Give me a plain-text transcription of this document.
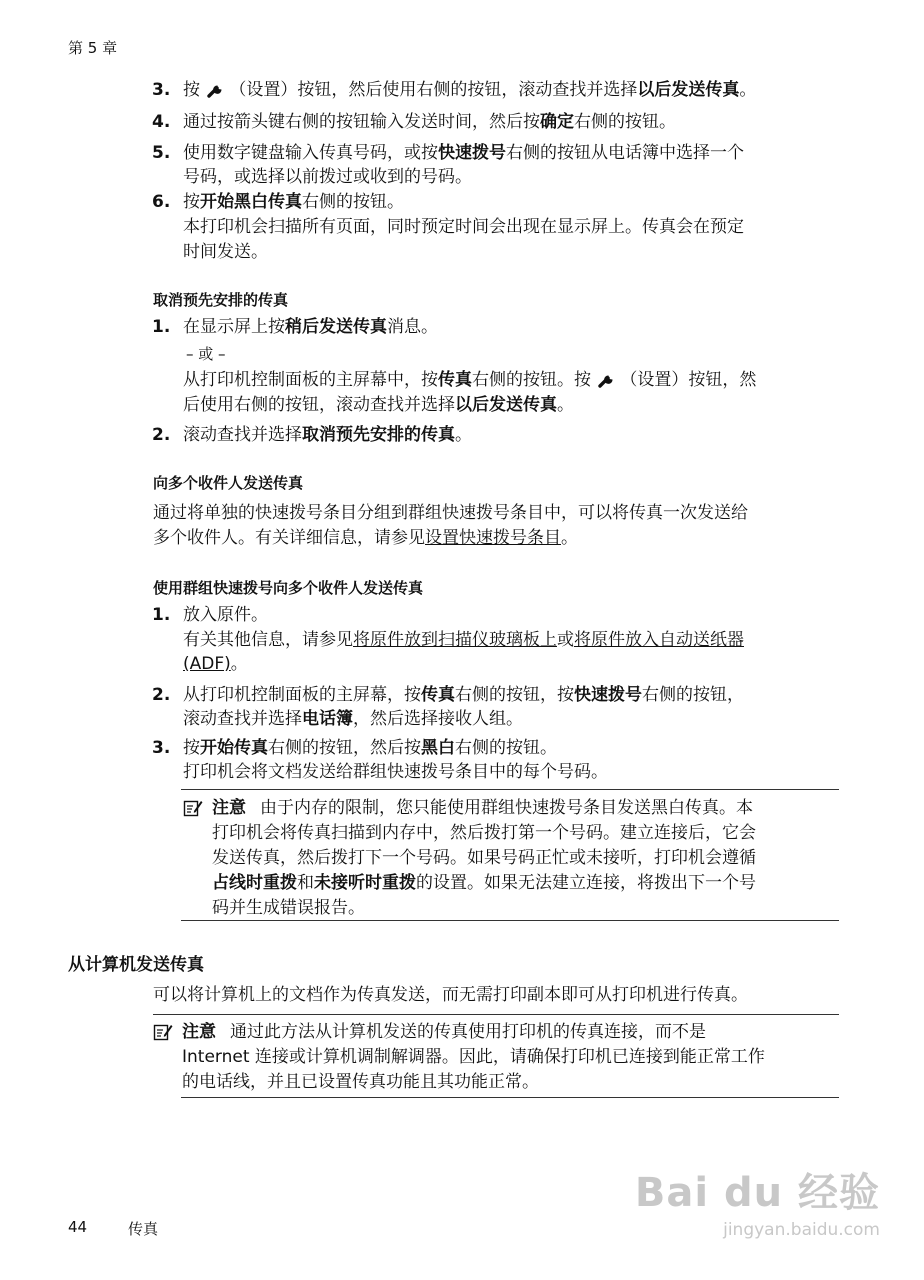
第 5 章
3. 按 （设置）按钮，然后使用右侧的按钮，滚动查找并选择以后发送传真。
4. 通过按箭头键右侧的按钮输入发送时间，然后按确定右侧的按钮。
5. 使用数字键盘输入传真号码，或按快速拨号右侧的按钮从电话簿中选择一个
号码，或选择以前拨过或收到的号码。
6. 按开始黑白传真右侧的按钮。
本打印机会扫描所有页面，同时预定时间会出现在显示屏上。传真会在预定
时间发送。
取消预先安排的传真
1. 在显示屏上按稍后发送传真消息。
– 或 –
从打印机控制面板的主屏幕中，按传真右侧的按钮。按 （设置）按钮，然
后使用右侧的按钮，滚动查找并选择以后发送传真。
2. 滚动查找并选择取消预先安排的传真。
向多个收件人发送传真
通过将单独的快速拨号条目分组到群组快速拨号条目中，可以将传真一次发送给
多个收件人。有关详细信息，请参见设置快速拨号条目。
使用群组快速拨号向多个收件人发送传真
1. 放入原件。
有关其他信息，请参见将原件放到扫描仪玻璃板上或将原件放入自动送纸器
(ADF)。
2. 从打印机控制面板的主屏幕，按传真右侧的按钮，按快速拨号右侧的按钮，
滚动查找并选择电话簿，然后选择接收人组。
3. 按开始传真右侧的按钮，然后按黑白右侧的按钮。
打印机会将文档发送给群组快速拨号条目中的每个号码。
注意 由于内存的限制，您只能使用群组快速拨号条目发送黑白传真。本
打印机会将传真扫描到内存中，然后拨打第一个号码。建立连接后，它会
发送传真，然后拨打下一个号码。如果号码正忙或未接听，打印机会遵循
占线时重拨和未接听时重拨的设置。如果无法建立连接，将拨出下一个号
码并生成错误报告。
从计算机发送传真
可以将计算机上的文档作为传真发送，而无需打印副本即可从打印机进行传真。
注意 通过此方法从计算机发送的传真使用打印机的传真连接，而不是
Internet 连接或计算机调制解调器。因此，请确保打印机已连接到能正常工作
的电话线，并且已设置传真功能且其功能正常。
44	传真
Bai du 经验
jingyan.baidu.com
